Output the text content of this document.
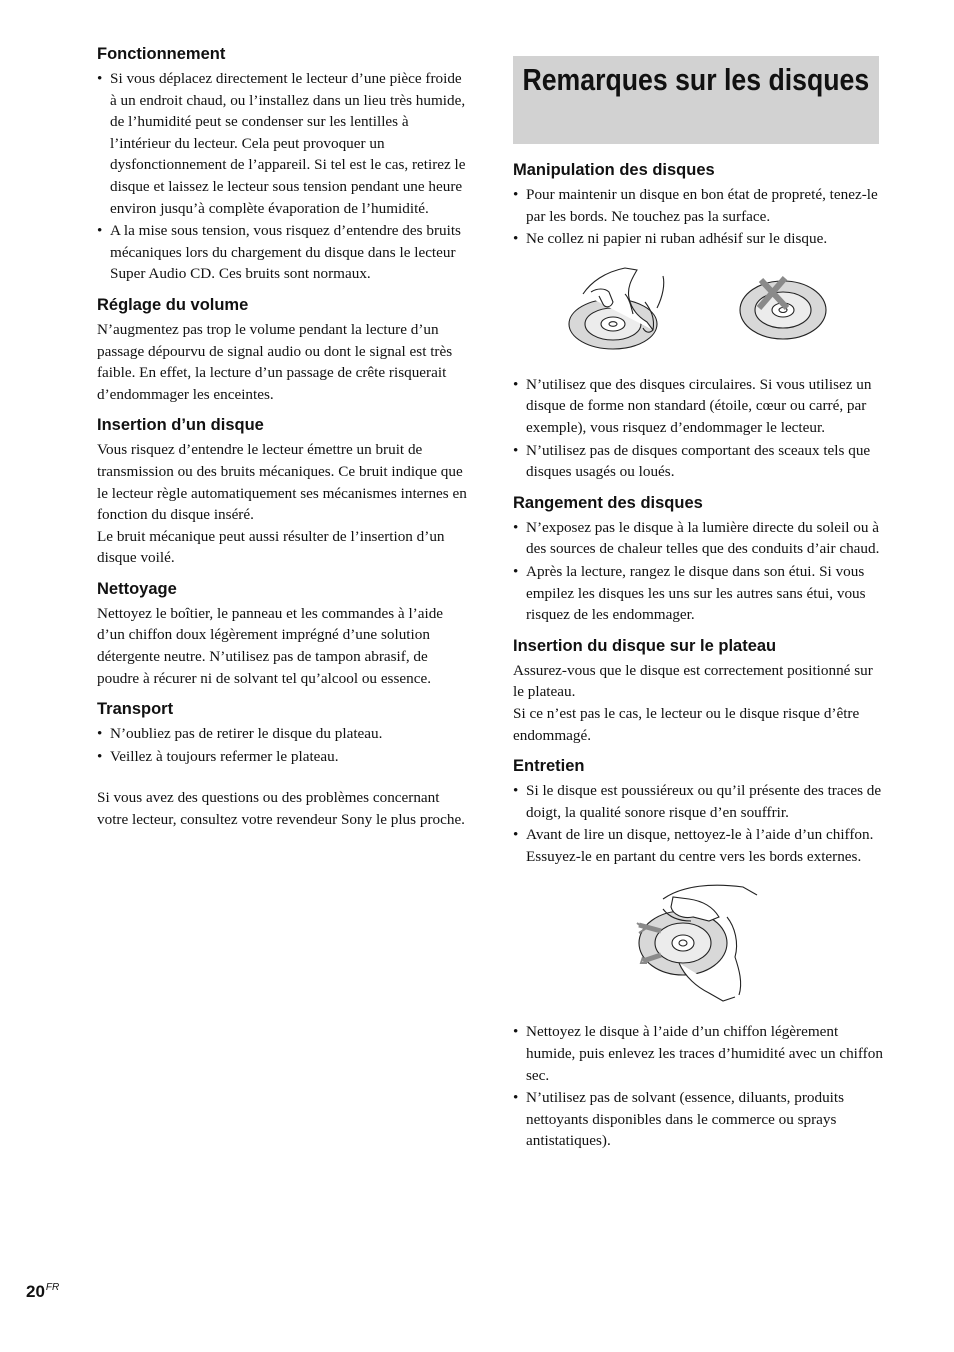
Fonctionnement
• Si vous déplacez directement le lecteur d’une pièce froide à un endroit chaud, ou l’installez dans un lieu très humide, de l’humidité peut se condenser sur les lentilles à l’intérieur du lecteur. Cela peut provoquer un dysfonctionnement de l’appareil. Si tel est le cas, retirez le disque et laissez le lecteur sous tension pendant une heure environ jusqu’à complète évaporation de l’humidité.
• A la mise sous tension, vous risquez d’entendre des bruits mécaniques lors du chargement du disque dans le lecteur Super Audio CD. Ces bruits sont normaux.
Réglage du volume

N’augmentez pas trop le volume pendant la lecture d’un passage dépourvu de signal audio ou dont le signal est très faible. En effet, la lecture d’un passage de crête risquerait d’endommager les enceintes.

Insertion d’un disque

Vous risquez d’entendre le lecteur émettre un bruit de transmission ou des bruits mécaniques. Ce bruit indique que le lecteur règle automatiquement ses mécanismes internes en fonction du disque inséré.

Le bruit mécanique peut aussi résulter de l’insertion d’un disque voilé.

Nettoyage

Nettoyez le boîtier, le panneau et les commandes à l’aide d’un chiffon doux légèrement imprégné d’une solution détergente neutre. N’utilisez pas de tampon abrasif, de poudre à récurer ni de solvant tel qu’alcool ou essence.

Transport
• N’oubliez pas de retirer le disque du plateau.
• Veillez à toujours refermer le plateau.

Si vous avez des questions ou des problèmes concernant votre lecteur, consultez votre revendeur Sony le plus proche.

Remarques sur les disques
Manipulation des disques
• Pour maintenir un disque en bon état de propreté, tenez-le par les bords. Ne touchez pas la surface.
• Ne collez ni papier ni ruban adhésif sur le disque.
• N’utilisez que des disques circulaires. Si vous utilisez un disque de forme non standard (étoile, cœur ou carré, par exemple), vous risquez d’endommager le lecteur.
• N’utilisez pas de disques comportant des sceaux tels que disques usagés ou loués.
Rangement des disques
• N’exposez pas le disque à la lumière directe du soleil ou à des sources de chaleur telles que des conduits d’air chaud.
• Après la lecture, rangez le disque dans son étui. Si vous empilez les disques les uns sur les autres sans étui, vous risquez de les endommager.
Insertion du disque sur le plateau

Assurez-vous que le disque est correctement positionné sur le plateau.

Si ce n’est pas le cas, le lecteur ou le disque risque d’être endommagé.

Entretien
• Si le disque est poussiéreux ou qu’il présente des traces de doigt, la qualité sonore risque d’en souffrir.
• Avant de lire un disque, nettoyez-le à l’aide d’un chiffon. Essuyez-le en partant du centre vers les bords externes.
• Nettoyez le disque à l’aide d’un chiffon légèrement humide, puis enlevez les traces d’humidité avec un chiffon sec.
• N’utilisez pas de solvant (essence, diluants, produits nettoyants disponibles dans le commerce ou sprays antistatiques).
$20^{FR}$
